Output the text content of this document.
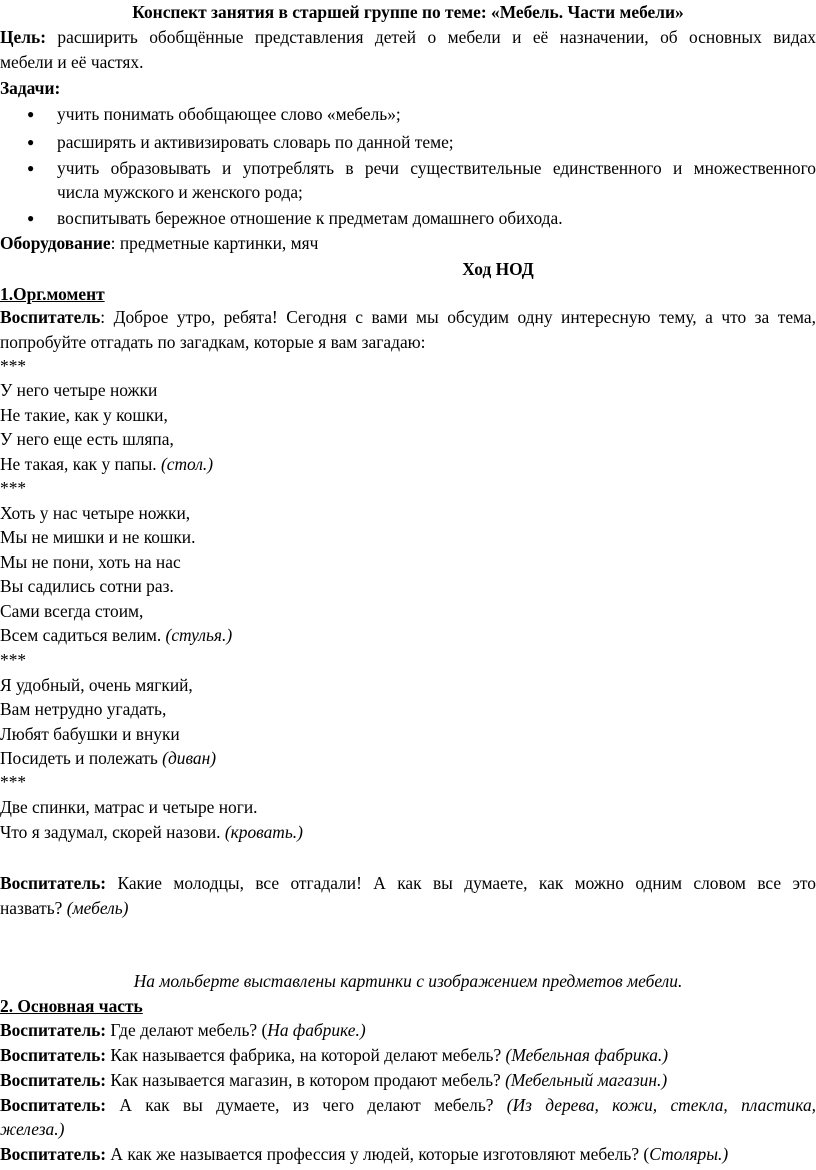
Конспект занятия в старшей группе по теме: «Мебель. Части мебели»
Цель: расширить обобщённые представления детей о мебели и её назначении, об основных видах
мебели и её частях.
Задачи:
● учить понимать обобщающее слово «мебель»;
● расширять и активизировать словарь по данной теме;
● учить образовывать и употреблять в речи существительные единственного и множественного
числа мужского и женского рода;
● воспитывать бережное отношение к предметам домашнего обихода.
Оборудование: предметные картинки, мяч
Ход НОД
1.Орг.момент
Воспитатель: Доброе утро, ребята! Сегодня с вами мы обсудим одну интересную тему, а что за тема,
попробуйте отгадать по загадкам, которые я вам загадаю:
***
У него четыре ножки
Не такие, как у кошки,
У него еще есть шляпа,
Не такая, как у папы. (стол.)
***
Хоть у нас четыре ножки,
Мы не мишки и не кошки.
Мы не пони, хоть на нас
Вы садились сотни раз.
Сами всегда стоим,
Всем садиться велим. (стулья.)
***
Я удобный, очень мягкий,
Вам нетрудно угадать,
Любят бабушки и внуки
Посидеть и полежать (диван)
***
Две спинки, матрас и четыре ноги.
Что я задумал, скорей назови. (кровать.)
Воспитатель: Какие молодцы, все отгадали! А как вы думаете, как можно одним словом все это
назвать? (мебель)
На мольберте выставлены картинки с изображением предметов мебели.
2. Основная часть
Воспитатель: Где делают мебель? (На фабрике.)
Воспитатель: Как называется фабрика, на которой делают мебель? (Мебельная фабрика.)
Воспитатель: Как называется магазин, в котором продают мебель? (Мебельный магазин.)
Воспитатель: А как вы думаете, из чего делают мебель? (Из дерева, кожи, стекла, пластика,
железа.)
Воспитатель: А как же называется профессия у людей, которые изготовляют мебель? (Столяры.)
